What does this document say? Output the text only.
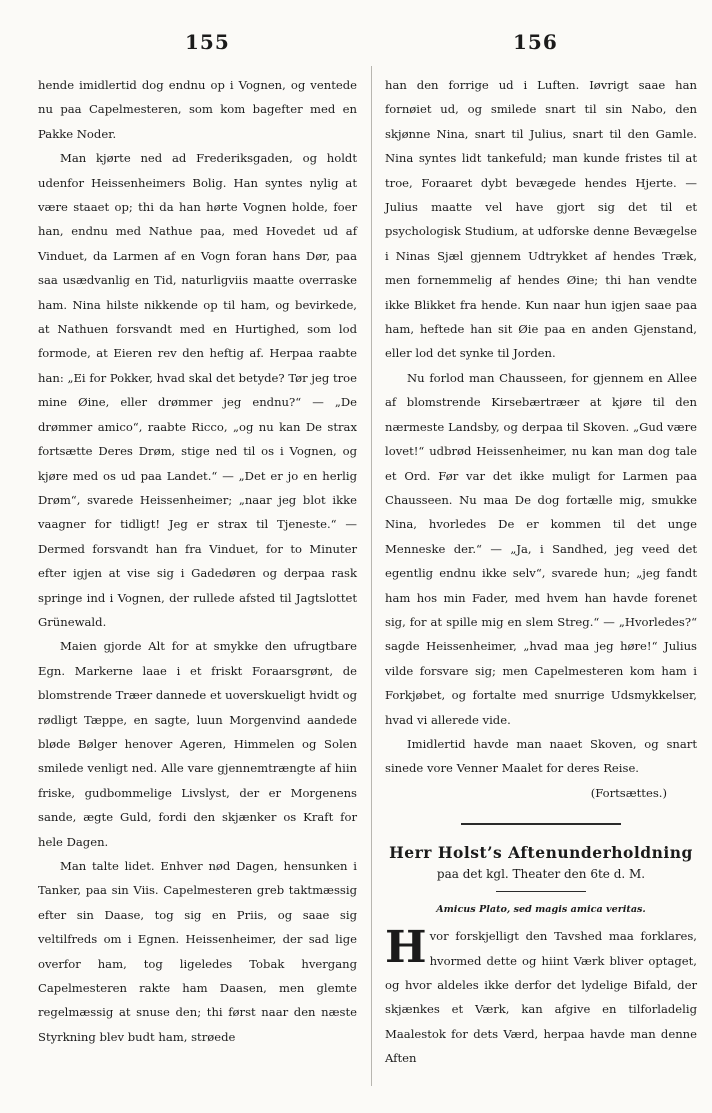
155	156

hende imidlertid dog endnu op i Vognen, og ventede nu paa Capelmesteren, som kom bagefter med en Pakke Noder.

Man kjørte ned ad Frederiksgaden, og holdt udenfor Heissenheimers Bolig. Han syntes nylig at være staaet op; thi da han hørte Vognen holde, foer han, endnu med Nathue paa, med Hovedet ud af Vinduet, da Larmen af en Vogn foran hans Dør, paa saa usædvanlig en Tid, naturligviis maatte overraske ham. Nina hilste nikkende op til ham, og bevirkede, at Nathuen forsvandt med en Hurtighed, som lod formode, at Eieren rev den heftig af. Herpaa raabte han: „Ei for Pokker, hvad skal det betyde? Tør jeg troe mine Øine, eller drømmer jeg endnu?“ — „De drømmer amico“, raabte Ricco, „og nu kan De strax fortsætte Deres Drøm, stige ned til os i Vognen, og kjøre med os ud paa Landet.“ — „Det er jo en herlig Drøm“, svarede Heissenheimer; „naar jeg blot ikke vaagner for tidligt! Jeg er strax til Tjeneste.“ — Dermed forsvandt han fra Vinduet, for to Minuter efter igjen at vise sig i Gadedøren og derpaa rask springe ind i Vognen, der rullede afsted til Jagtslottet Grünewald.

Maien gjorde Alt for at smykke den ufrugtbare Egn. Markerne laae i et friskt Foraarsgrønt, de blomstrende Træer dannede et uoverskueligt hvidt og rødligt Tæppe, en sagte, luun Morgenvind aandede bløde Bølger henover Ageren, Himmelen og Solen smilede venligt ned. Alle vare gjennemtrængte af hiin friske, gudbommelige Livslyst, der er Morgenens sande, ægte Guld, fordi den skjænker os Kraft for hele Dagen.

Man talte lidet. Enhver nød Dagen, hensunken i Tanker, paa sin Viis. Capelmesteren greb taktmæssig efter sin Daase, tog sig en Priis, og saae sig veltilfreds om i Egnen. Heissenheimer, der sad lige overfor ham, tog ligeledes Tobak hvergang Capelmesteren rakte ham Daasen, men glemte regelmæssig at snuse den; thi først naar den næste Styrkning blev budt ham, strøede

han den forrige ud i Luften. Iøvrigt saae han fornøiet ud, og smilede snart til sin Nabo, den skjønne Nina, snart til Julius, snart til den Gamle. Nina syntes lidt tankefuld; man kunde fristes til at troe, Foraaret dybt bevægede hendes Hjerte. — Julius maatte vel have gjort sig det til et psychologisk Studium, at udforske denne Bevægelse i Ninas Sjæl gjennem Udtrykket af hendes Træk, men fornemmelig af hendes Øine; thi han vendte ikke Blikket fra hende. Kun naar hun igjen saae paa ham, heftede han sit Øie paa en anden Gjenstand, eller lod det synke til Jorden.

Nu forlod man Chausseen, for gjennem en Allee af blomstrende Kirsebærtræer at kjøre til den nærmeste Landsby, og derpaa til Skoven. „Gud være lovet!“ udbrød Heissenheimer, nu kan man dog tale et Ord. Før var det ikke muligt for Larmen paa Chausseen. Nu maa De dog fortælle mig, smukke Nina, hvorledes De er kommen til det unge Menneske der.“ — „Ja, i Sandhed, jeg veed det egentlig endnu ikke selv“, svarede hun; „jeg fandt ham hos min Fader, med hvem han havde forenet sig, for at spille mig en slem Streg.“ — „Hvorledes?“ sagde Heissenheimer, „hvad maa jeg høre!“ Julius vilde forsvare sig; men Capelmesteren kom ham i Forkjøbet, og fortalte med snurrige Udsmykkelser, hvad vi allerede vide.

Imidlertid havde man naaet Skoven, og snart sinede vore Venner Maalet for deres Reise.

(Fortsættes.)
Herr Holst’s Aftenunderholdning
paa det kgl. Theater den 6te d. M.
Amicus Plato, sed magis amica veritas.

Hvor forskjelligt den Tavshed maa forklares, hvormed dette og hiint Værk bliver optaget, og hvor aldeles ikke derfor det lydelige Bifald, der skjænkes et Værk, kan afgive en tilforladelig Maalestok for dets Værd, herpaa havde man denne Aften
